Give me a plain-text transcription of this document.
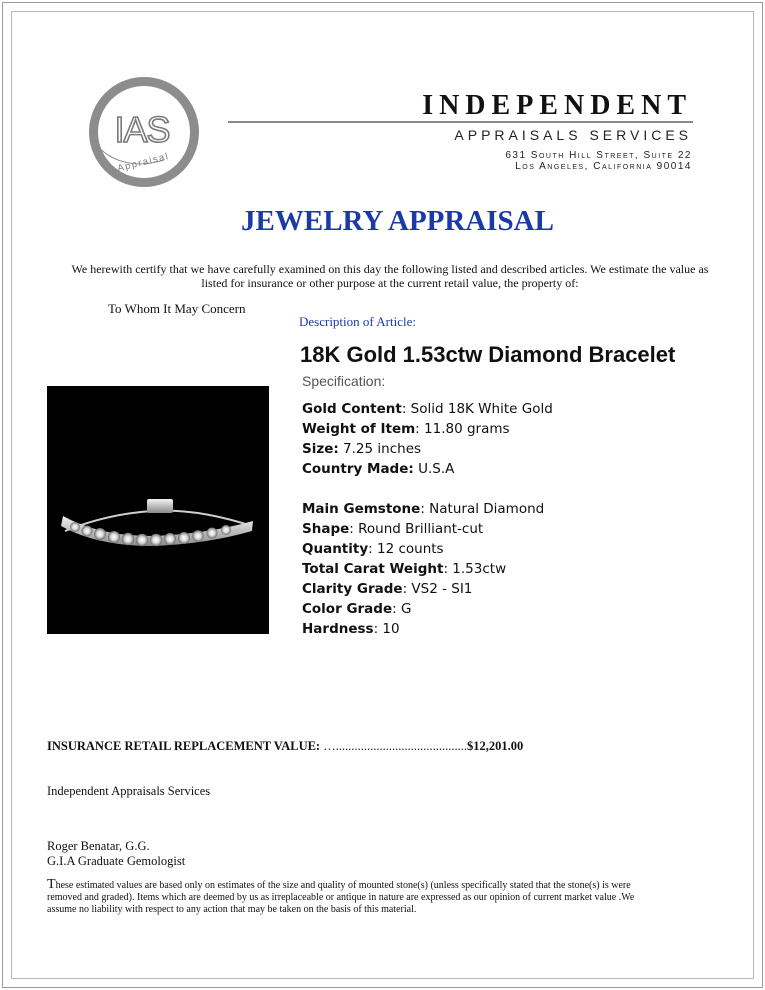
IAS
Appraisal
INDEPENDENT
APPRAISALS SERVICES
631 South Hill Street, Suite 22
Los Angeles, California 90014
JEWELRY APPRAISAL
We herewith certify that we have carefully examined on this day the following listed and described articles. We estimate the value as listed for insurance or other purpose at the current retail value, the property of:
To Whom It May Concern
Description of Article:
18K Gold 1.53ctw Diamond Bracelet
Specification:
Gold Content: Solid 18K White Gold
Weight of Item: 11.80 grams
Size: 7.25 inches
Country Made: U.S.A
Main Gemstone: Natural Diamond
Shape: Round Brilliant-cut
Quantity: 12 counts
Total Carat Weight: 1.53ctw
Clarity Grade: VS2 - SI1
Color Grade: G
Hardness: 10
INSURANCE RETAIL REPLACEMENT VALUE: …..........................................$12,201.00
Independent Appraisals Services
Roger Benatar, G.G.
G.I.A Graduate Gemologist
These estimated values are based only on estimates of the size and quality of mounted stone(s) (unless specifically stated that the stone(s) is were removed and graded). Items which are deemed by us as irreplaceable or antique in nature are expressed as our opinion of current market value .We assume no liability with respect to any action that may be taken on the basis of this material.
